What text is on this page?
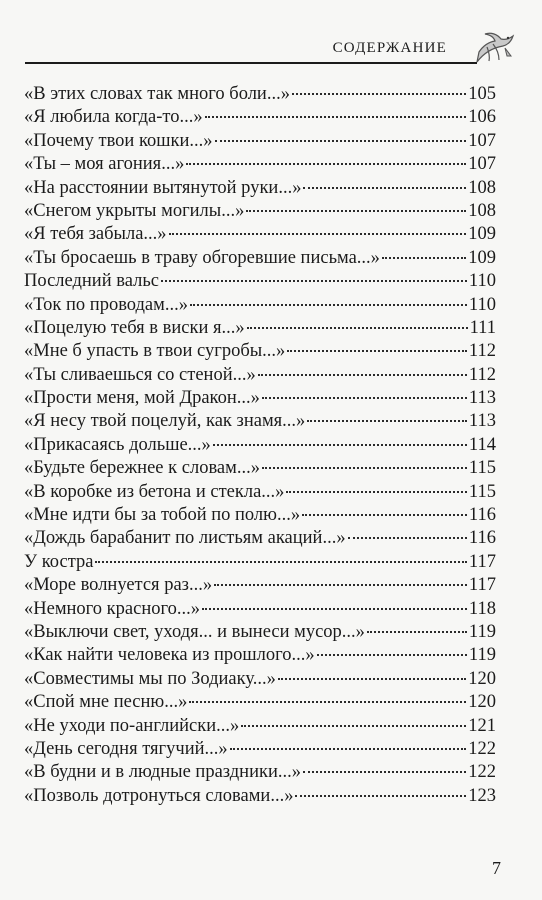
СОДЕРЖАНИЕ
«В этих словах так много боли...»	105
«Я любила когда-то...»	106
«Почему твои кошки...»	107
«Ты – моя агония...»	107
«На расстоянии вытянутой руки...»	108
«Снегом укрыты могилы...»	108
«Я тебя забыла...»	109
«Ты бросаешь в траву обгоревшие письма...»	109
Последний вальс	110
«Ток по проводам...»	110
«Поцелую тебя в виски я...»	111
«Мне б упасть в твои сугробы...»	112
«Ты сливаешься со стеной...»	112
«Прости меня, мой Дракон...»	113
«Я несу твой поцелуй, как знамя...»	113
«Прикасаясь дольше...»	114
«Будьте бережнее к словам...»	115
«В коробке из бетона и стекла...»	115
«Мне идти бы за тобой по полю...»	116
«Дождь барабанит по листьям акаций...»	116
У костра	117
«Море волнуется раз...»	117
«Немного красного...»	118
«Выключи свет, уходя... и вынеси мусор...»	119
«Как найти человека из прошлого...»	119
«Совместимы мы по Зодиаку...»	120
«Спой мне песню...»	120
«Не уходи по-английски...»	121
«День сегодня тягучий...»	122
«В будни и в людные праздники...»	122
«Позволь дотронуться словами...»	123
7
